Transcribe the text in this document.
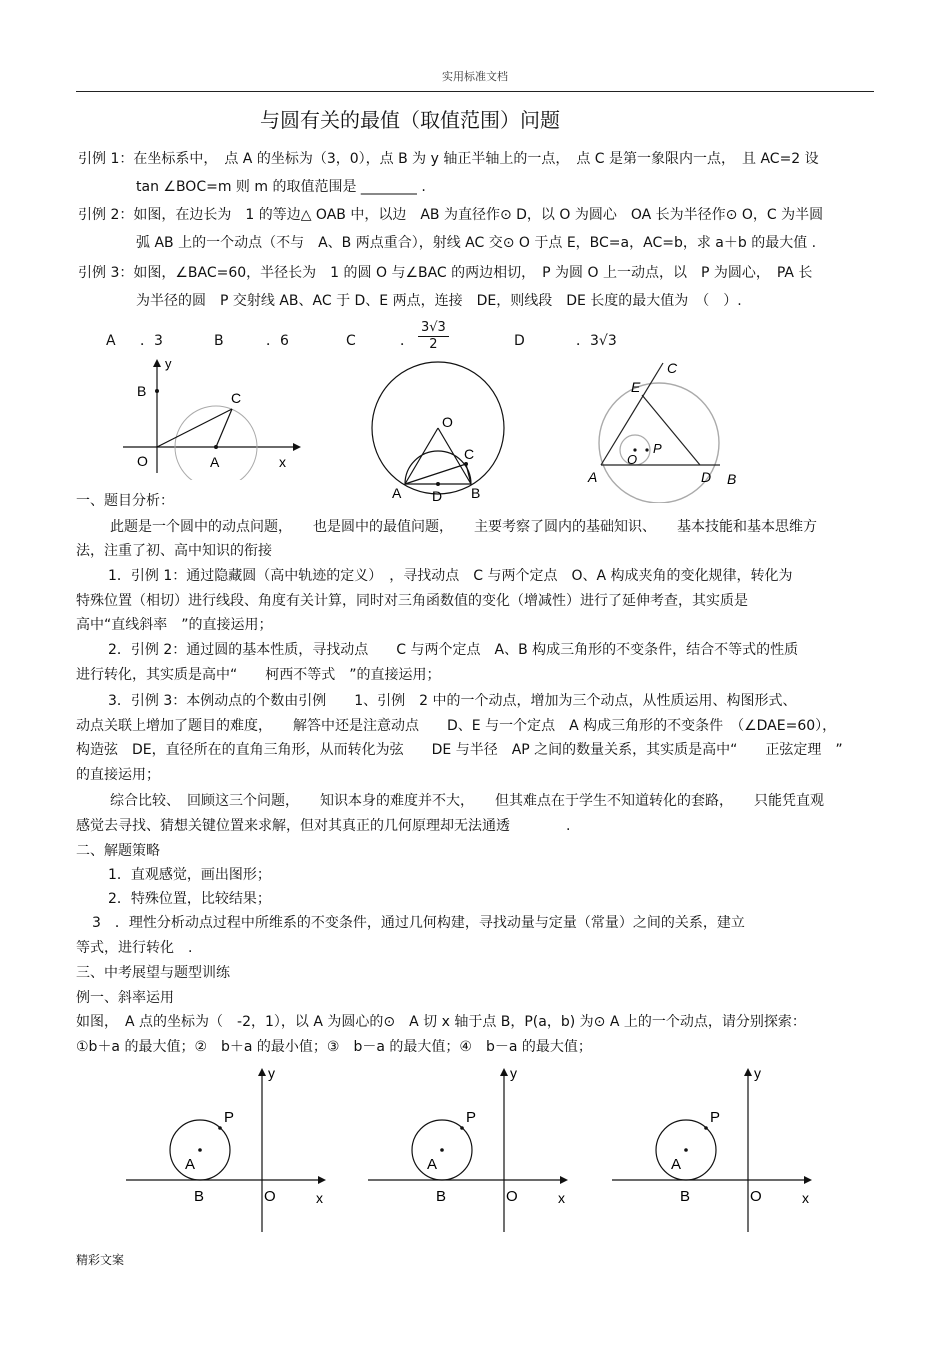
实用标准文档
与圆有关的最值（取值范围）问题
引例 1：在坐标系中，　点 A 的坐标为（3，0），点 B 为 y 轴正半轴上的一点，　点 C 是第一象限内一点，　且 AC=2 设
tan ∠BOC=m 则 m 的取值范围是 ________ .
引例 2：如图，在边长为　1 的等边△ OAB 中，以边　AB 为直径作⊙ D，以 O 为圆心　OA 长为半径作⊙ O，C 为半圆
弧 AB 上的一个动点（不与　A、B 两点重合），射线 AC 交⊙ O 于点 E，BC=a，AC=b，求 a＋b 的最大值 .
引例 3：如图，∠BAC=60，半径长为　1 的圆 O 与∠BAC 的两边相切，　P 为圆 O 上一动点，以　P 为圆心，　PA 长
为半径的圆　P 交射线 AB、AC 于 D、E 两点，连接　DE，则线段　DE 长度的最大值为　（　）.
A ．3	B	．6	C	． $\frac{3√3}{2}$	D	．3√3
y
B	C
O	A	x
O
C
A D B
C
E
O
P
A	D B
一、题目分析：
此题是一个圆中的动点问题，　　也是圆中的最值问题，　　主要考察了圆内的基础知识、　　基本技能和基本思维方
法，注重了初、高中知识的衔接
1．引例 1：通过隐藏圆（高中轨迹的定义）　，寻找动点　C 与两个定点　O、A 构成夹角的变化规律，转化为
特殊位置（相切）进行线段、角度有关计算，同时对三角函数值的变化（增减性）进行了延伸考查，其实质是
高中“直线斜率　”的直接运用；
2．引例 2：通过圆的基本性质，寻找动点　　C 与两个定点　A、B 构成三角形的不变条件，结合不等式的性质
进行转化，其实质是高中“　　柯西不等式　”的直接运用；
3．引例 3：本例动点的个数由引例　　1、引例　2 中的一个动点，增加为三个动点，从性质运用、构图形式、
动点关联上增加了题目的难度，　　解答中还是注意动点　　D、E 与一个定点　A 构成三角形的不变条件　（∠DAE=60），
构造弦　DE，直径所在的直角三角形，从而转化为弦　　DE 与半径　AP 之间的数量关系，其实质是高中“　　正弦定理　”
的直接运用；
综合比较、　回顾这三个问题，　　知识本身的难度并不大，　　但其难点在于学生不知道转化的套路，　　只能凭直观
感觉去寻找、猜想关键位置来求解，但对其真正的几何原理却无法通透　　　　.
二、解题策略
1．直观感觉，画出图形；
2．特殊位置，比较结果；
3　．理性分析动点过程中所维系的不变条件，通过几何构建，寻找动量与定量（常量）之间的关系，建立
等式，进行转化　.
三、中考展望与题型训练
例一、斜率运用
如图，　A 点的坐标为（　-2，1），以 A 为圆心的⊙　A 切 x 轴于点 B，P(a，b) 为⊙ A 上的一个动点，请分别探索：
①b＋a 的最大值；②　b＋a 的最小值；③　b－a 的最大值；④　b－a 的最大值；
y
P
A
B	O	x
y
P
A
B	O	x
y
P
A
B	O	x
精彩文案
